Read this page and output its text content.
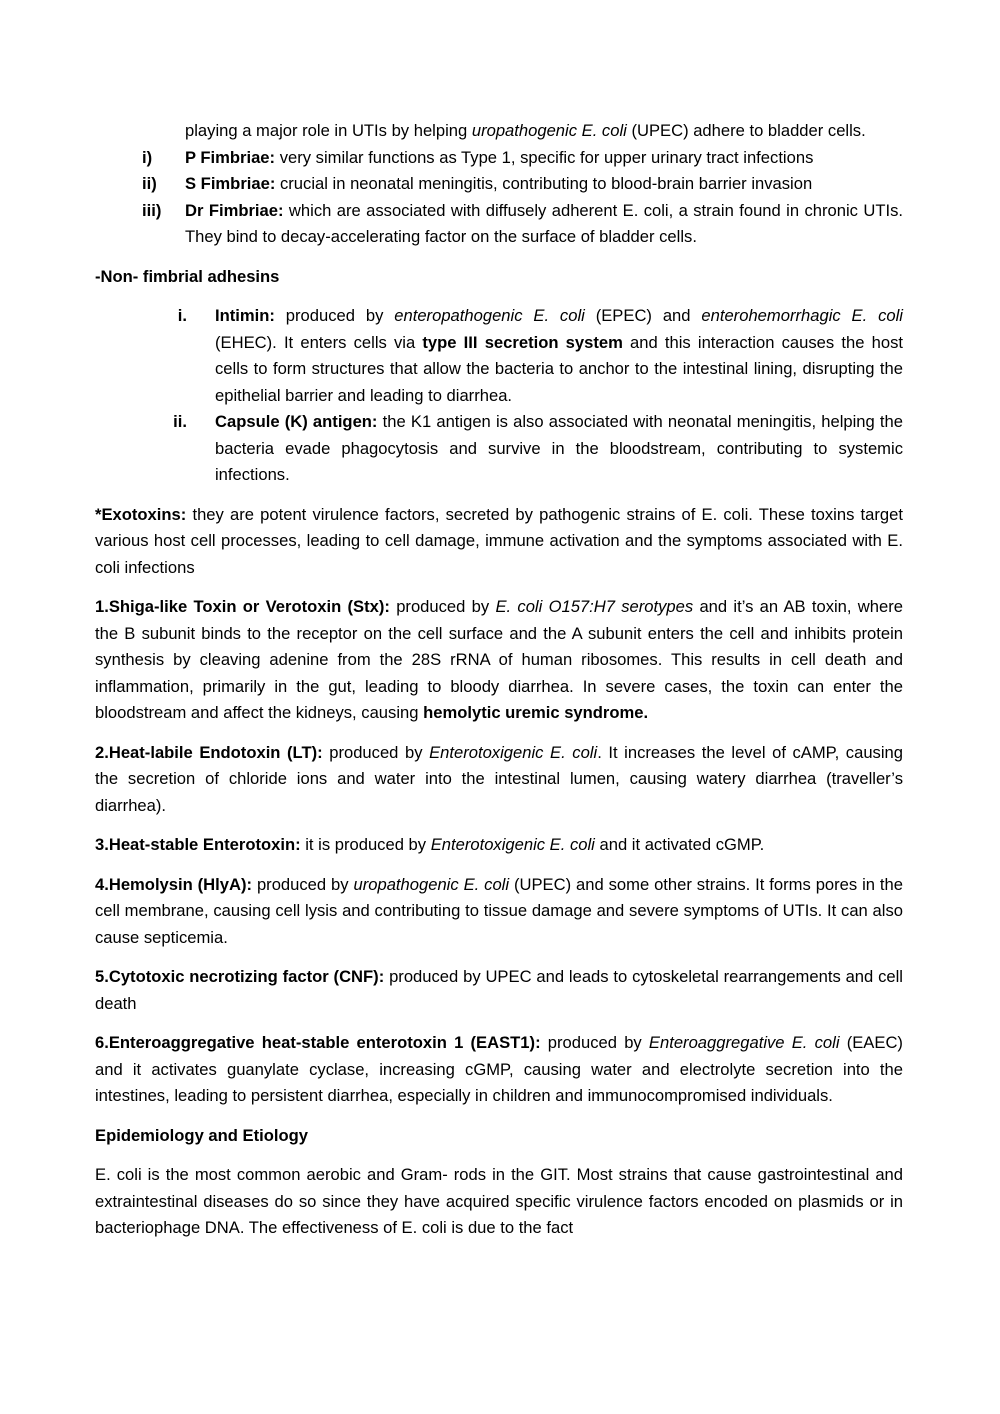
playing a major role in UTIs by helping uropathogenic E. coli (UPEC) adhere to bladder cells.

i)	P Fimbriae: very similar functions as Type 1, specific for upper urinary tract infections

ii)	S Fimbriae: crucial in neonatal meningitis, contributing to blood-brain barrier invasion

iii)	Dr Fimbriae: which are associated with diffusely adherent E. coli, a strain found in chronic UTIs. They bind to decay-accelerating factor on the surface of bladder cells.

-Non- fimbrial adhesins

i.	Intimin: produced by enteropathogenic E. coli (EPEC) and enterohemorrhagic E. coli (EHEC). It enters cells via type III secretion system and this interaction causes the host cells to form structures that allow the bacteria to anchor to the intestinal lining, disrupting the epithelial barrier and leading to diarrhea.

ii.	Capsule (K) antigen: the K1 antigen is also associated with neonatal meningitis, helping the bacteria evade phagocytosis and survive in the bloodstream, contributing to systemic infections.

*Exotoxins: they are potent virulence factors, secreted by pathogenic strains of E. coli. These toxins target various host cell processes, leading to cell damage, immune activation and the symptoms associated with E. coli infections

1.Shiga-like Toxin or Verotoxin (Stx): produced by E. coli O157:H7 serotypes and it’s an AB toxin, where the B subunit binds to the receptor on the cell surface and the A subunit enters the cell and inhibits protein synthesis by cleaving adenine from the 28S rRNA of human ribosomes. This results in cell death and inflammation, primarily in the gut, leading to bloody diarrhea. In severe cases, the toxin can enter the bloodstream and affect the kidneys, causing hemolytic uremic syndrome.

2.Heat-labile Endotoxin (LT): produced by Enterotoxigenic E. coli. It increases the level of cAMP, causing the secretion of chloride ions and water into the intestinal lumen, causing watery diarrhea (traveller’s diarrhea).

3.Heat-stable Enterotoxin: it is produced by Enterotoxigenic E. coli and it activated cGMP.

4.Hemolysin (HlyA): produced by uropathogenic E. coli (UPEC) and some other strains. It forms pores in the cell membrane, causing cell lysis and contributing to tissue damage and severe symptoms of UTIs. It can also cause septicemia.

5.Cytotoxic necrotizing factor (CNF): produced by UPEC and leads to cytoskeletal rearrangements and cell death

6.Enteroaggregative heat-stable enterotoxin 1 (EAST1): produced by Enteroaggregative E. coli (EAEC) and it activates guanylate cyclase, increasing cGMP, causing water and electrolyte secretion into the intestines, leading to persistent diarrhea, especially in children and immunocompromised individuals.

Epidemiology and Etiology

E. coli is the most common aerobic and Gram- rods in the GIT. Most strains that cause gastrointestinal and extraintestinal diseases do so since they have acquired specific virulence factors encoded on plasmids or in bacteriophage DNA. The effectiveness of E. coli is due to the fact
